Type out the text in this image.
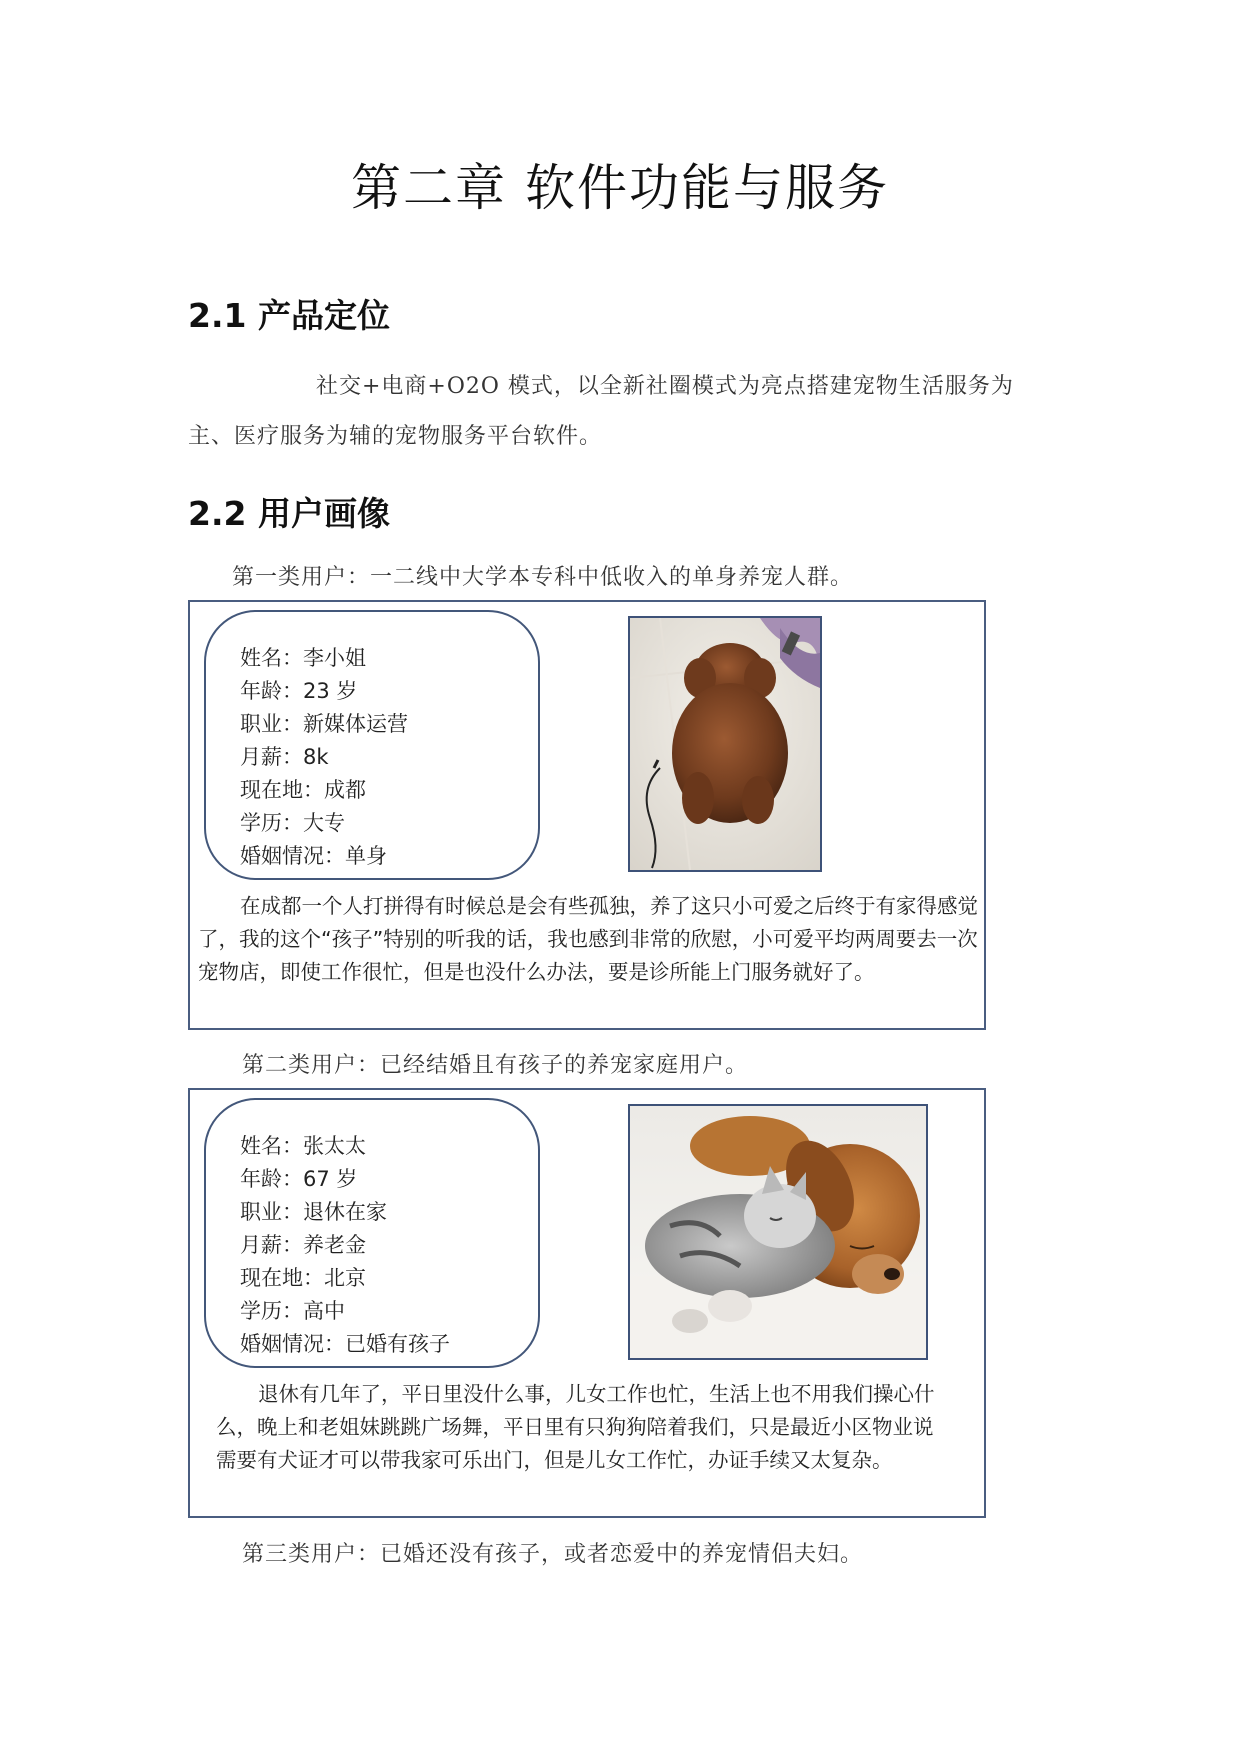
第二章 软件功能与服务
2.1 产品定位
社交+电商+O2O 模式，以全新社圈模式为亮点搭建宠物生活服务为主、医疗服务为辅的宠物服务平台软件。
2.2 用户画像
第一类用户：一二线中大学本专科中低收入的单身养宠人群。
姓名：李小姐
年龄：23 岁
职业：新媒体运营
月薪：8k
现在地：成都
学历：大专
婚姻情况：单身
在成都一个人打拼得有时候总是会有些孤独，养了这只小可爱之后终于有家得感觉了，我的这个“孩子”特别的听我的话，我也感到非常的欣慰，小可爱平均两周要去一次宠物店，即使工作很忙，但是也没什么办法，要是诊所能上门服务就好了。
第二类用户：已经结婚且有孩子的养宠家庭用户。
姓名：张太太
年龄：67 岁
职业：退休在家
月薪：养老金
现在地：北京
学历：高中
婚姻情况：已婚有孩子
退休有几年了，平日里没什么事，儿女工作也忙，生活上也不用我们操心什么，晚上和老姐妹跳跳广场舞，平日里有只狗狗陪着我们，只是最近小区物业说需要有犬证才可以带我家可乐出门，但是儿女工作忙，办证手续又太复杂。
第三类用户：已婚还没有孩子，或者恋爱中的养宠情侣夫妇。
